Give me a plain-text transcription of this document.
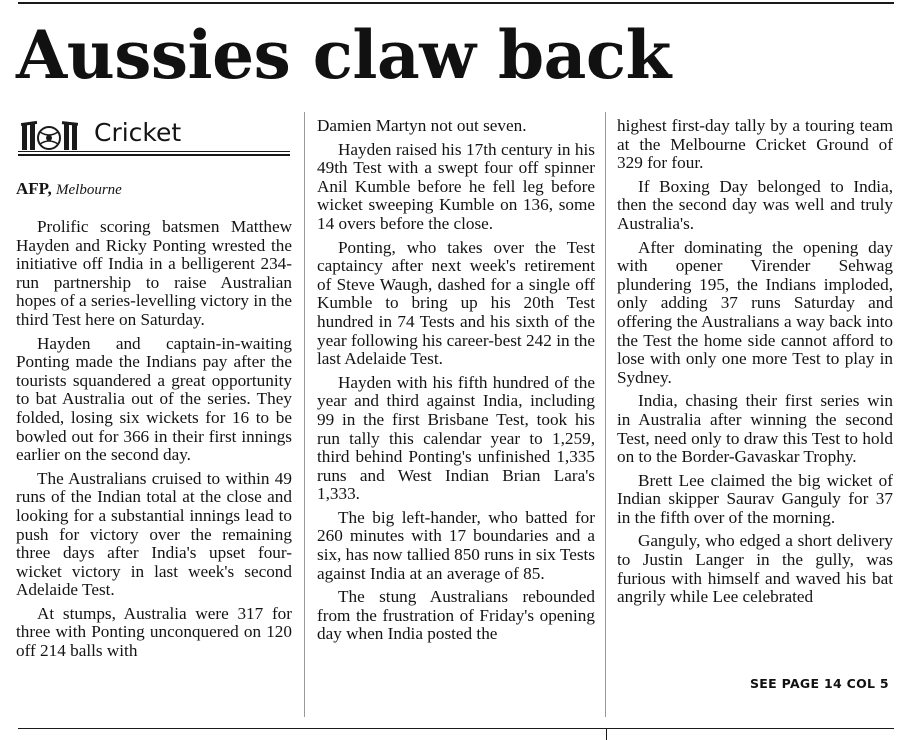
Aussies claw back
Cricket
AFP, Melbourne

Prolific scoring batsmen Matthew Hayden and Ricky Ponting wrested the initiative off India in a belligerent 234-run partnership to raise Australian hopes of a series-levelling victory in the third Test here on Saturday.

Hayden and captain-in-waiting Ponting made the Indians pay after the tourists squandered a great opportunity to bat Australia out of the series. They folded, losing six wickets for 16 to be bowled out for 366 in their first innings earlier on the second day.

The Australians cruised to within 49 runs of the Indian total at the close and looking for a substantial innings lead to push for victory over the remaining three days after India's upset four-wicket victory in last week's second Adelaide Test.

At stumps, Australia were 317 for three with Ponting unconquered on 120 off 214 balls with

Damien Martyn not out seven.

Hayden raised his 17th century in his 49th Test with a swept four off spinner Anil Kumble before he fell leg before wicket sweeping Kumble on 136, some 14 overs before the close.

Ponting, who takes over the Test captaincy after next week's retirement of Steve Waugh, dashed for a single off Kumble to bring up his 20th Test hundred in 74 Tests and his sixth of the year following his career-best 242 in the last Adelaide Test.

Hayden with his fifth hundred of the year and third against India, including 99 in the first Brisbane Test, took his run tally this calendar year to 1,259, third behind Ponting's unfinished 1,335 runs and West Indian Brian Lara's 1,333.

The big left-hander, who batted for 260 minutes with 17 boundaries and a six, has now tallied 850 runs in six Tests against India at an average of 85.

The stung Australians rebounded from the frustration of Friday's opening day when India posted the

highest first-day tally by a touring team at the Melbourne Cricket Ground of 329 for four.

If Boxing Day belonged to India, then the second day was well and truly Australia's.

After dominating the opening day with opener Virender Sehwag plundering 195, the Indians imploded, only adding 37 runs Saturday and offering the Australians a way back into the Test the home side cannot afford to lose with only one more Test to play in Sydney.

India, chasing their first series win in Australia after winning the second Test, need only to draw this Test to hold on to the Border-Gavaskar Trophy.

Brett Lee claimed the big wicket of Indian skipper Saurav Ganguly for 37 in the fifth over of the morning.

Ganguly, who edged a short delivery to Justin Langer in the gully, was furious with himself and waved his bat angrily while Lee celebrated

SEE PAGE 14 COL 5
